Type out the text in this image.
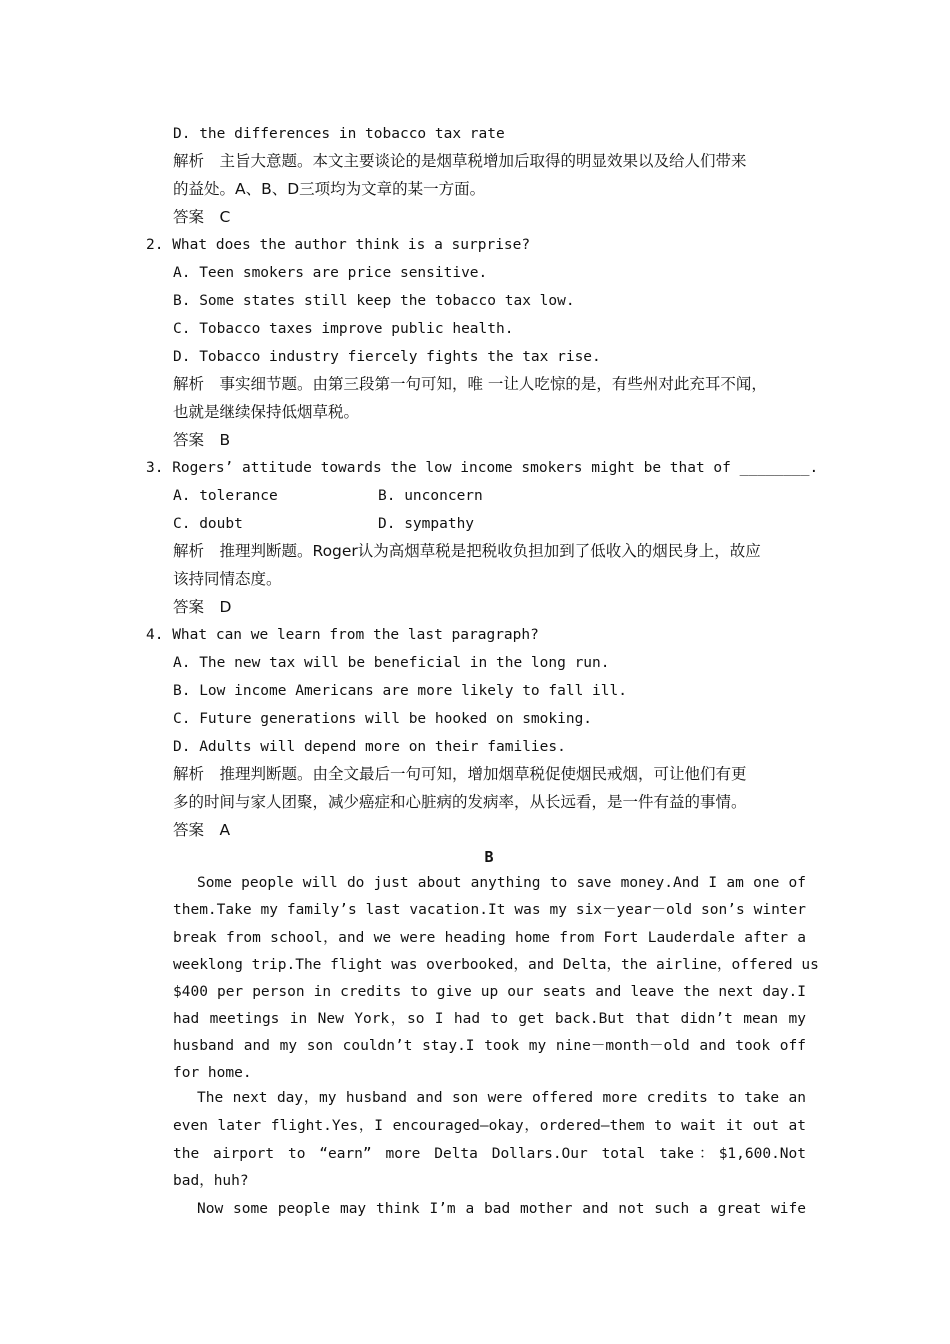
D. the differences in tobacco tax rate
解析　主旨大意题。本文主要谈论的是烟草税增加后取得的明显效果以及给人们带来
的益处。A、B、D三项均为文章的某一方面。
答案　C
2. What does the author think is a surprise?
A. Teen smokers are price sensitive.
B. Some states still keep the tobacco tax low.
C. Tobacco taxes improve public health.
D. Tobacco industry fiercely fights the tax rise.
解析　事实细节题。由第三段第一句可知，唯 一让人吃惊的是，有些州对此充耳不闻，
也就是继续保持低烟草税。
答案　B
3. Rogers’ attitude towards the low income smokers might be that of ________.
A. tolerance	B. unconcern
C. doubt	D. sympathy
解析　推理判断题。Roger认为高烟草税是把税收负担加到了低收入的烟民身上，故应
该持同情态度。
答案　D
4. What can we learn from the last paragraph?
A. The new tax will be beneficial in the long run.
B. Low income Americans are more likely to fall ill.
C. Future generations will be hooked on smoking.
D. Adults will depend more on their families.
解析　推理判断题。由全文最后一句可知，增加烟草税促使烟民戒烟，可让他们有更
多的时间与家人团聚，减少癌症和心脏病的发病率，从长远看，是一件有益的事情。
答案　A
B
Some people will do just about anything to save money.And I am one of
them.Take my family’s last vacation.It was my six－year－old son’s winter
break from school，and we were heading home from Fort Lauderdale after a
weeklong trip.The flight was overbooked，and Delta，the airline，offered us
$400 per person in credits to give up our seats and leave the next day.I
had meetings in New York，so I had to get back.But that didn’t mean my
husband and my son couldn’t stay.I took my nine－month－old and took off
for home.
The next day，my husband and son were offered more credits to take an
even later flight.Yes，I encouraged—okay，ordered—them to wait it out at
the airport to “earn” more Delta Dollars.Our total take：$1,600.Not
bad，huh?
Now some people may think I’m a bad mother and not such a great wife
